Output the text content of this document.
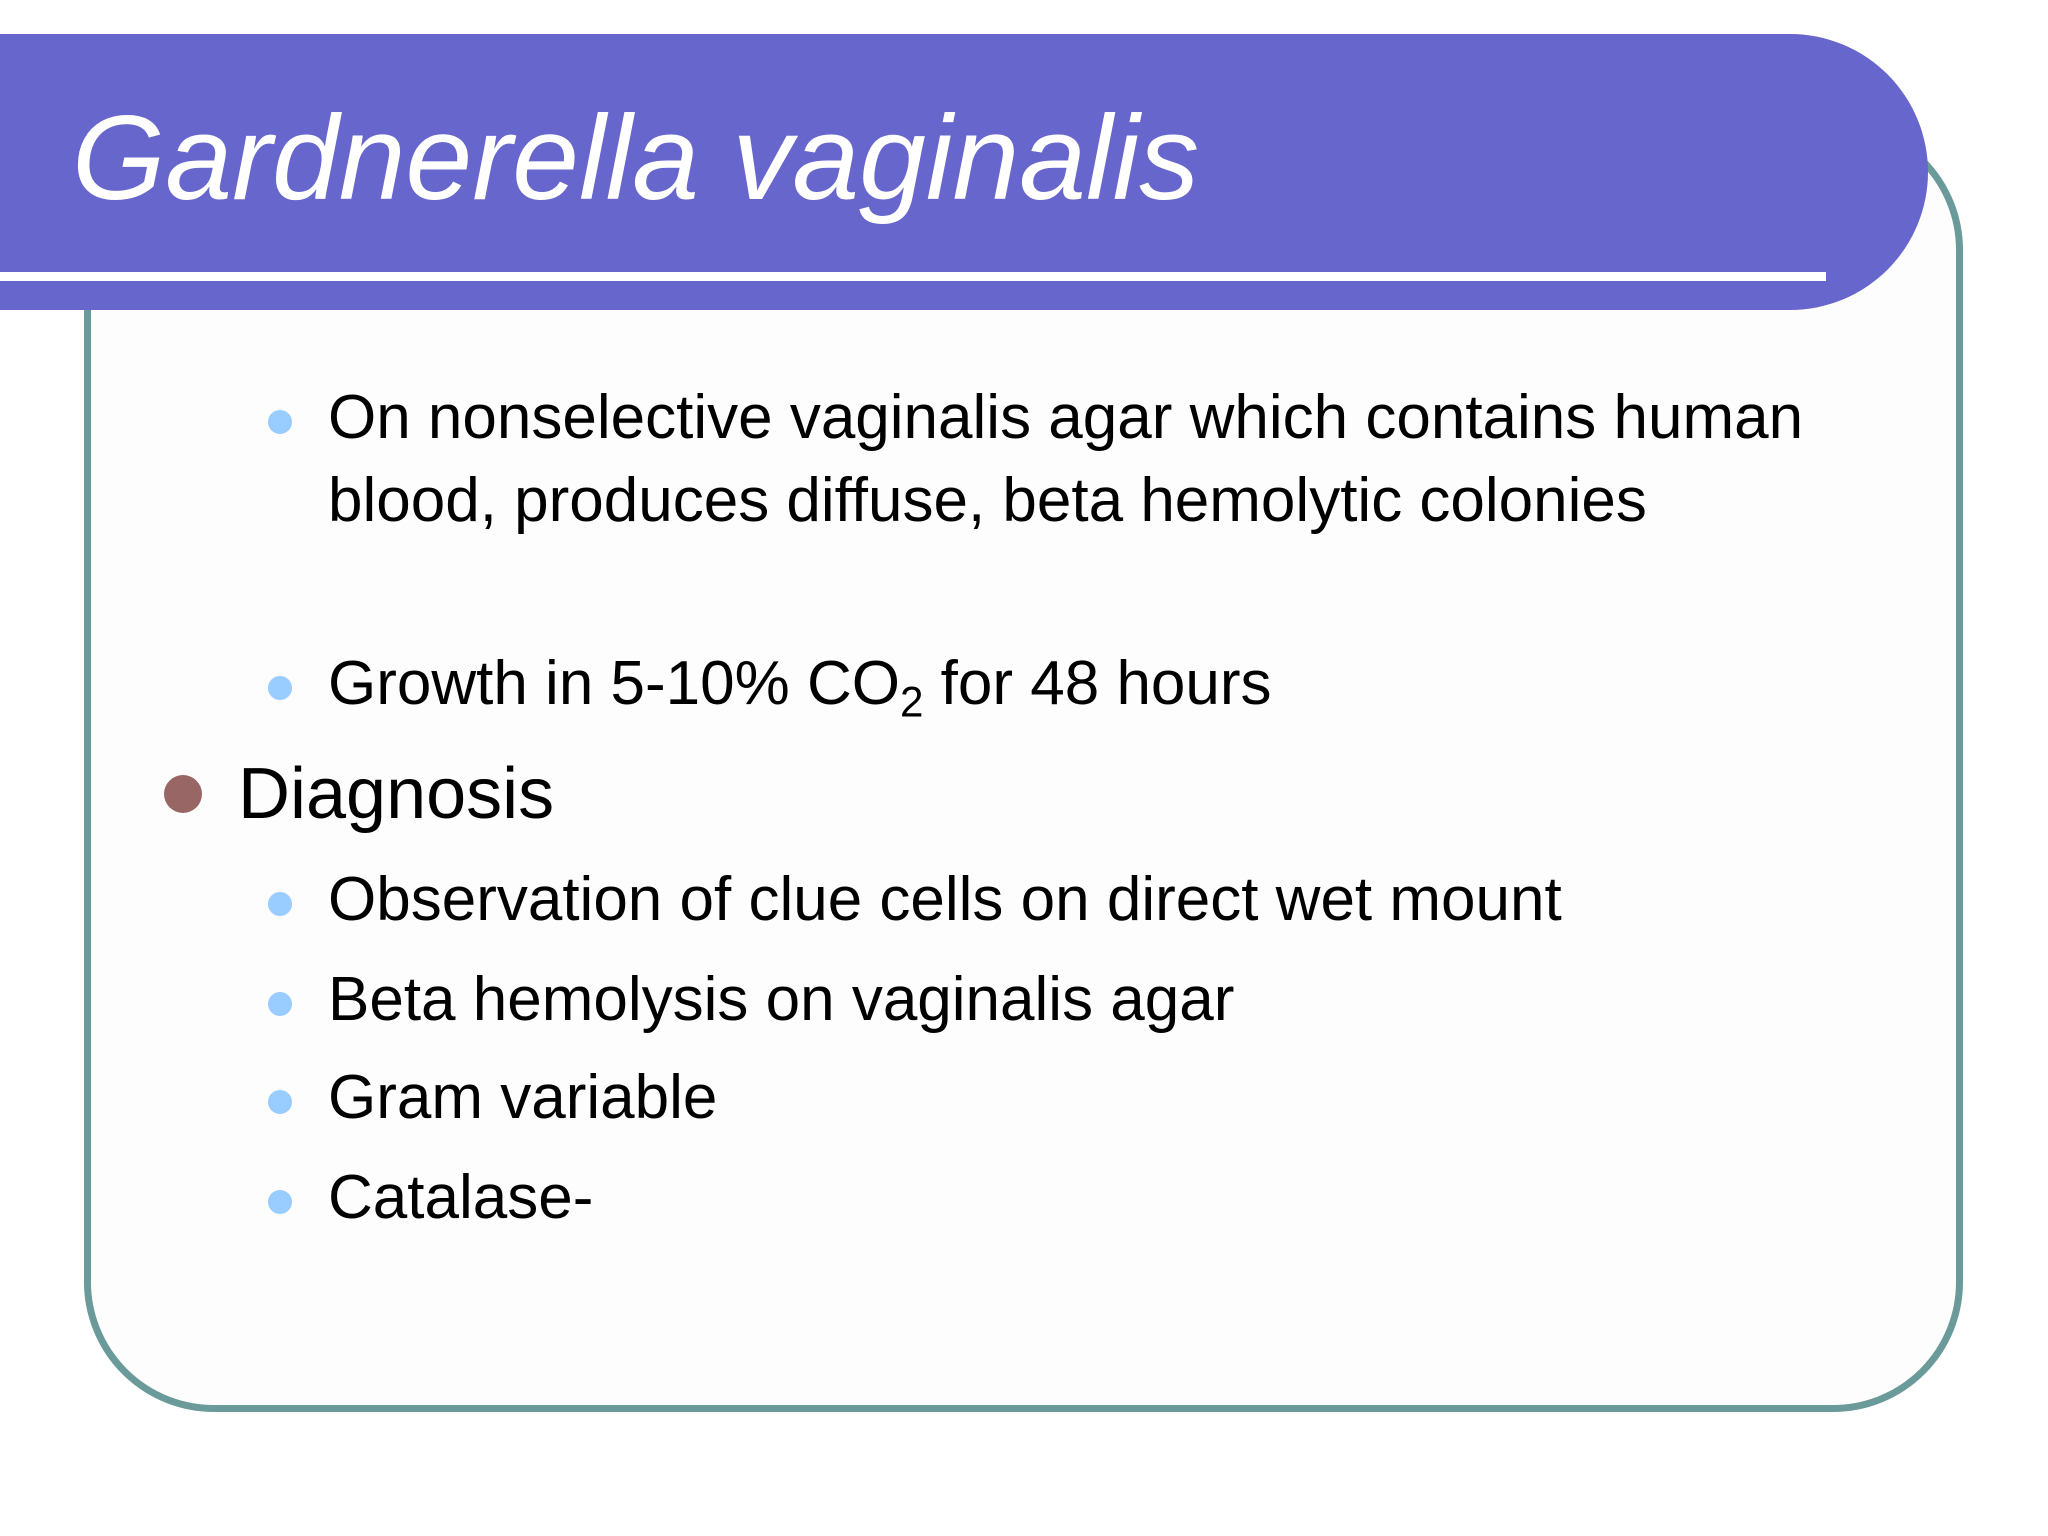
Gardnerella vaginalis
On nonselective vaginalis agar which contains human blood, produces diffuse, beta hemolytic colonies
Growth in 5-10% $CO_2$ for 48 hours
Diagnosis
Observation of clue cells on direct wet mount
Beta hemolysis on vaginalis agar
Gram variable
Catalase-
